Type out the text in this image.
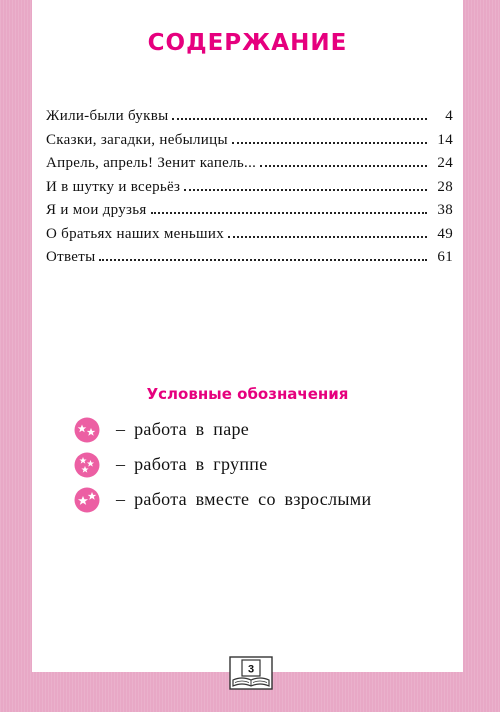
СОДЕРЖАНИЕ
Жили-были буквы	4
Сказки, загадки, небылицы	14
Апрель, апрель! Зенит капель...	24
И в шутку и всерьёз	28
Я и мои друзья	38
О братьях наших меньших	49
Ответы	61
Условные обозначения
– работа в паре
– работа в группе
– работа вместе со взрослыми
3
